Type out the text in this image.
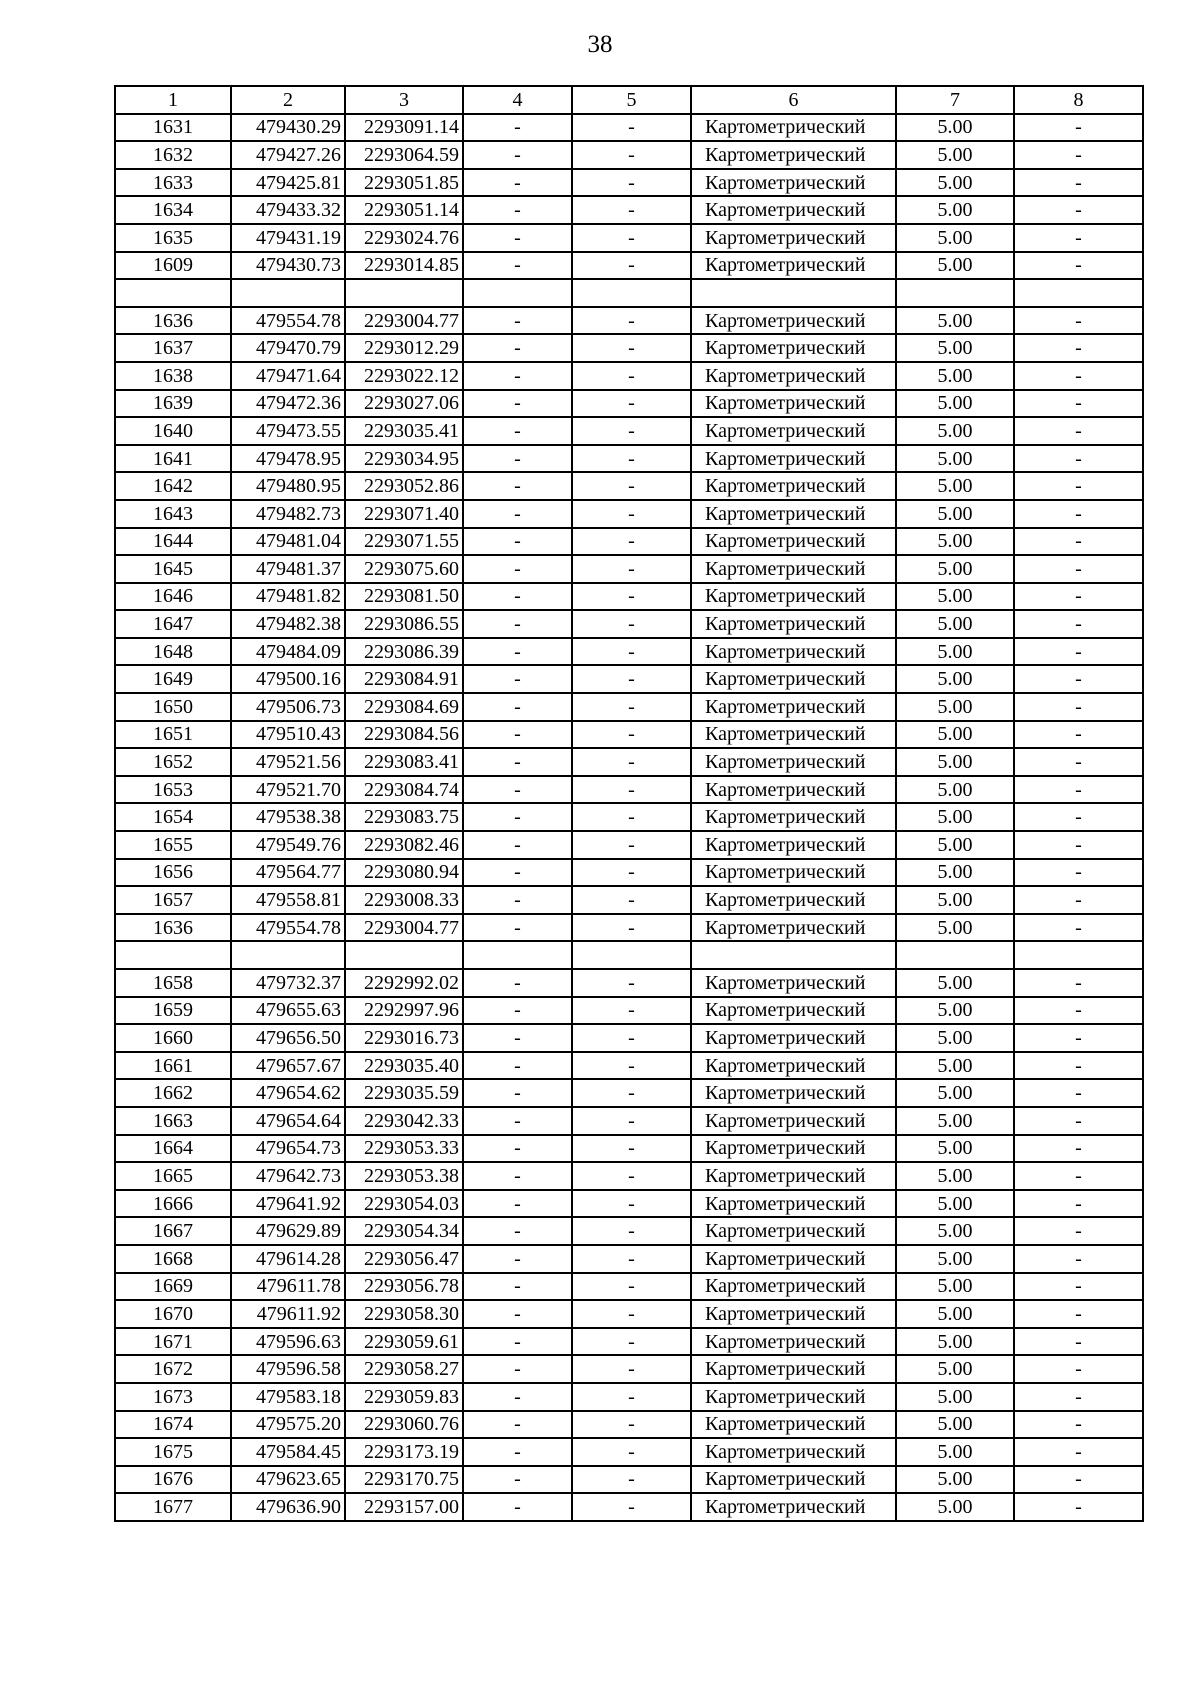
38
1	2	3	4	5	6	7	8
1631	479430.29	2293091.14	-	-	Картометрический	5.00	-
1632	479427.26	2293064.59	-	-	Картометрический	5.00	-
1633	479425.81	2293051.85	-	-	Картометрический	5.00	-
1634	479433.32	2293051.14	-	-	Картометрический	5.00	-
1635	479431.19	2293024.76	-	-	Картометрический	5.00	-
1609	479430.73	2293014.85	-	-	Картометрический	5.00	-

1636	479554.78	2293004.77	-	-	Картометрический	5.00	-
1637	479470.79	2293012.29	-	-	Картометрический	5.00	-
1638	479471.64	2293022.12	-	-	Картометрический	5.00	-
1639	479472.36	2293027.06	-	-	Картометрический	5.00	-
1640	479473.55	2293035.41	-	-	Картометрический	5.00	-
1641	479478.95	2293034.95	-	-	Картометрический	5.00	-
1642	479480.95	2293052.86	-	-	Картометрический	5.00	-
1643	479482.73	2293071.40	-	-	Картометрический	5.00	-
1644	479481.04	2293071.55	-	-	Картометрический	5.00	-
1645	479481.37	2293075.60	-	-	Картометрический	5.00	-
1646	479481.82	2293081.50	-	-	Картометрический	5.00	-
1647	479482.38	2293086.55	-	-	Картометрический	5.00	-
1648	479484.09	2293086.39	-	-	Картометрический	5.00	-
1649	479500.16	2293084.91	-	-	Картометрический	5.00	-
1650	479506.73	2293084.69	-	-	Картометрический	5.00	-
1651	479510.43	2293084.56	-	-	Картометрический	5.00	-
1652	479521.56	2293083.41	-	-	Картометрический	5.00	-
1653	479521.70	2293084.74	-	-	Картометрический	5.00	-
1654	479538.38	2293083.75	-	-	Картометрический	5.00	-
1655	479549.76	2293082.46	-	-	Картометрический	5.00	-
1656	479564.77	2293080.94	-	-	Картометрический	5.00	-
1657	479558.81	2293008.33	-	-	Картометрический	5.00	-
1636	479554.78	2293004.77	-	-	Картометрический	5.00	-

1658	479732.37	2292992.02	-	-	Картометрический	5.00	-
1659	479655.63	2292997.96	-	-	Картометрический	5.00	-
1660	479656.50	2293016.73	-	-	Картометрический	5.00	-
1661	479657.67	2293035.40	-	-	Картометрический	5.00	-
1662	479654.62	2293035.59	-	-	Картометрический	5.00	-
1663	479654.64	2293042.33	-	-	Картометрический	5.00	-
1664	479654.73	2293053.33	-	-	Картометрический	5.00	-
1665	479642.73	2293053.38	-	-	Картометрический	5.00	-
1666	479641.92	2293054.03	-	-	Картометрический	5.00	-
1667	479629.89	2293054.34	-	-	Картометрический	5.00	-
1668	479614.28	2293056.47	-	-	Картометрический	5.00	-
1669	479611.78	2293056.78	-	-	Картометрический	5.00	-
1670	479611.92	2293058.30	-	-	Картометрический	5.00	-
1671	479596.63	2293059.61	-	-	Картометрический	5.00	-
1672	479596.58	2293058.27	-	-	Картометрический	5.00	-
1673	479583.18	2293059.83	-	-	Картометрический	5.00	-
1674	479575.20	2293060.76	-	-	Картометрический	5.00	-
1675	479584.45	2293173.19	-	-	Картометрический	5.00	-
1676	479623.65	2293170.75	-	-	Картометрический	5.00	-
1677	479636.90	2293157.00	-	-	Картометрический	5.00	-
